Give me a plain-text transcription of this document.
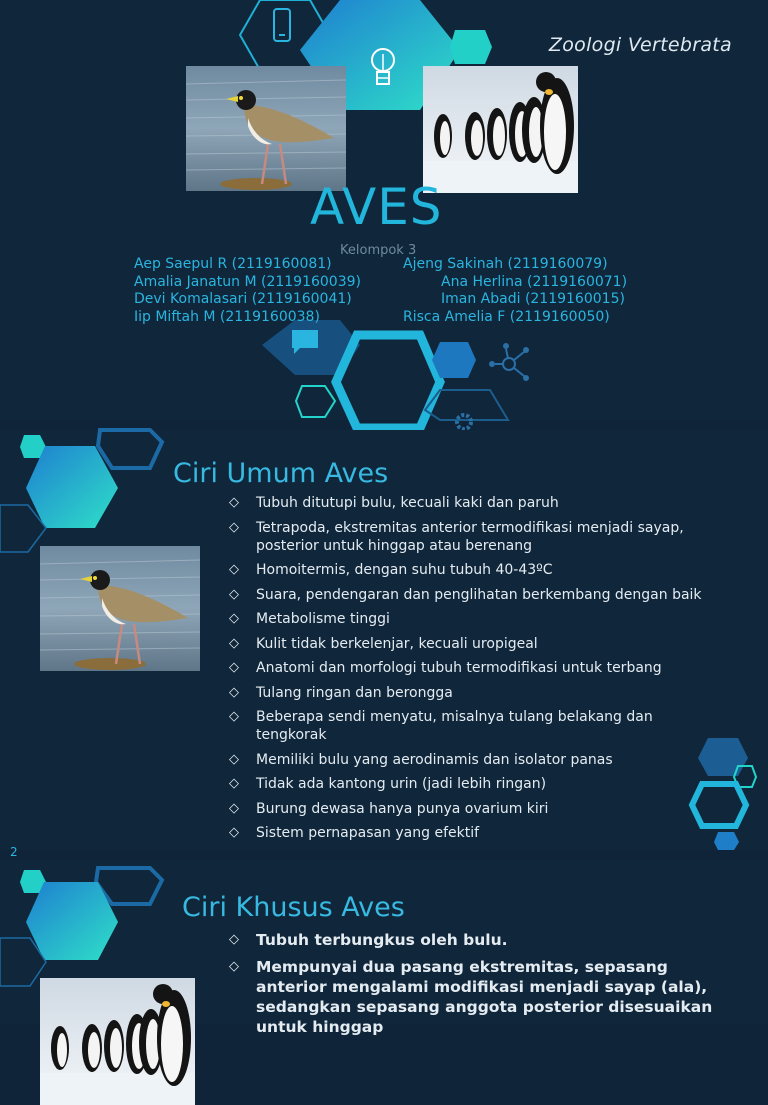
Zoologi Vertebrata
AVES
Kelompok 3
Aep Saepul R (2119160081)
Amalia Janatun M (2119160039)
Devi Komalasari (2119160041)
Iip Miftah M (2119160038)
Ajeng Sakinah (2119160079)
Ana Herlina (2119160071)
Iman Abadi (2119160015)
Risca Amelia F (2119160050)
Ciri Umum Aves
◇ Tubuh ditutupi bulu, kecuali kaki dan paruh
◇ Tetrapoda, ekstremitas anterior termodifikasi menjadi sayap, posterior untuk hinggap atau berenang
◇ Homoitermis, dengan suhu tubuh 40-43ºC
◇ Suara, pendengaran dan penglihatan berkembang dengan baik
◇ Metabolisme tinggi
◇ Kulit tidak berkelenjar, kecuali uropigeal
◇ Anatomi dan morfologi tubuh termodifikasi untuk terbang
◇ Tulang ringan dan berongga
◇ Beberapa sendi menyatu, misalnya tulang belakang dan tengkorak
◇ Memiliki bulu yang aerodinamis dan isolator panas
◇ Tidak ada kantong urin (jadi lebih ringan)
◇ Burung dewasa hanya punya ovarium kiri
◇ Sistem pernapasan yang efektif
2
Ciri Khusus Aves
◇ Tubuh terbungkus oleh bulu.
◇ Mempunyai dua pasang ekstremitas, sepasang anterior mengalami modifikasi menjadi sayap (ala), sedangkan sepasang anggota posterior disesuaikan untuk hinggap
